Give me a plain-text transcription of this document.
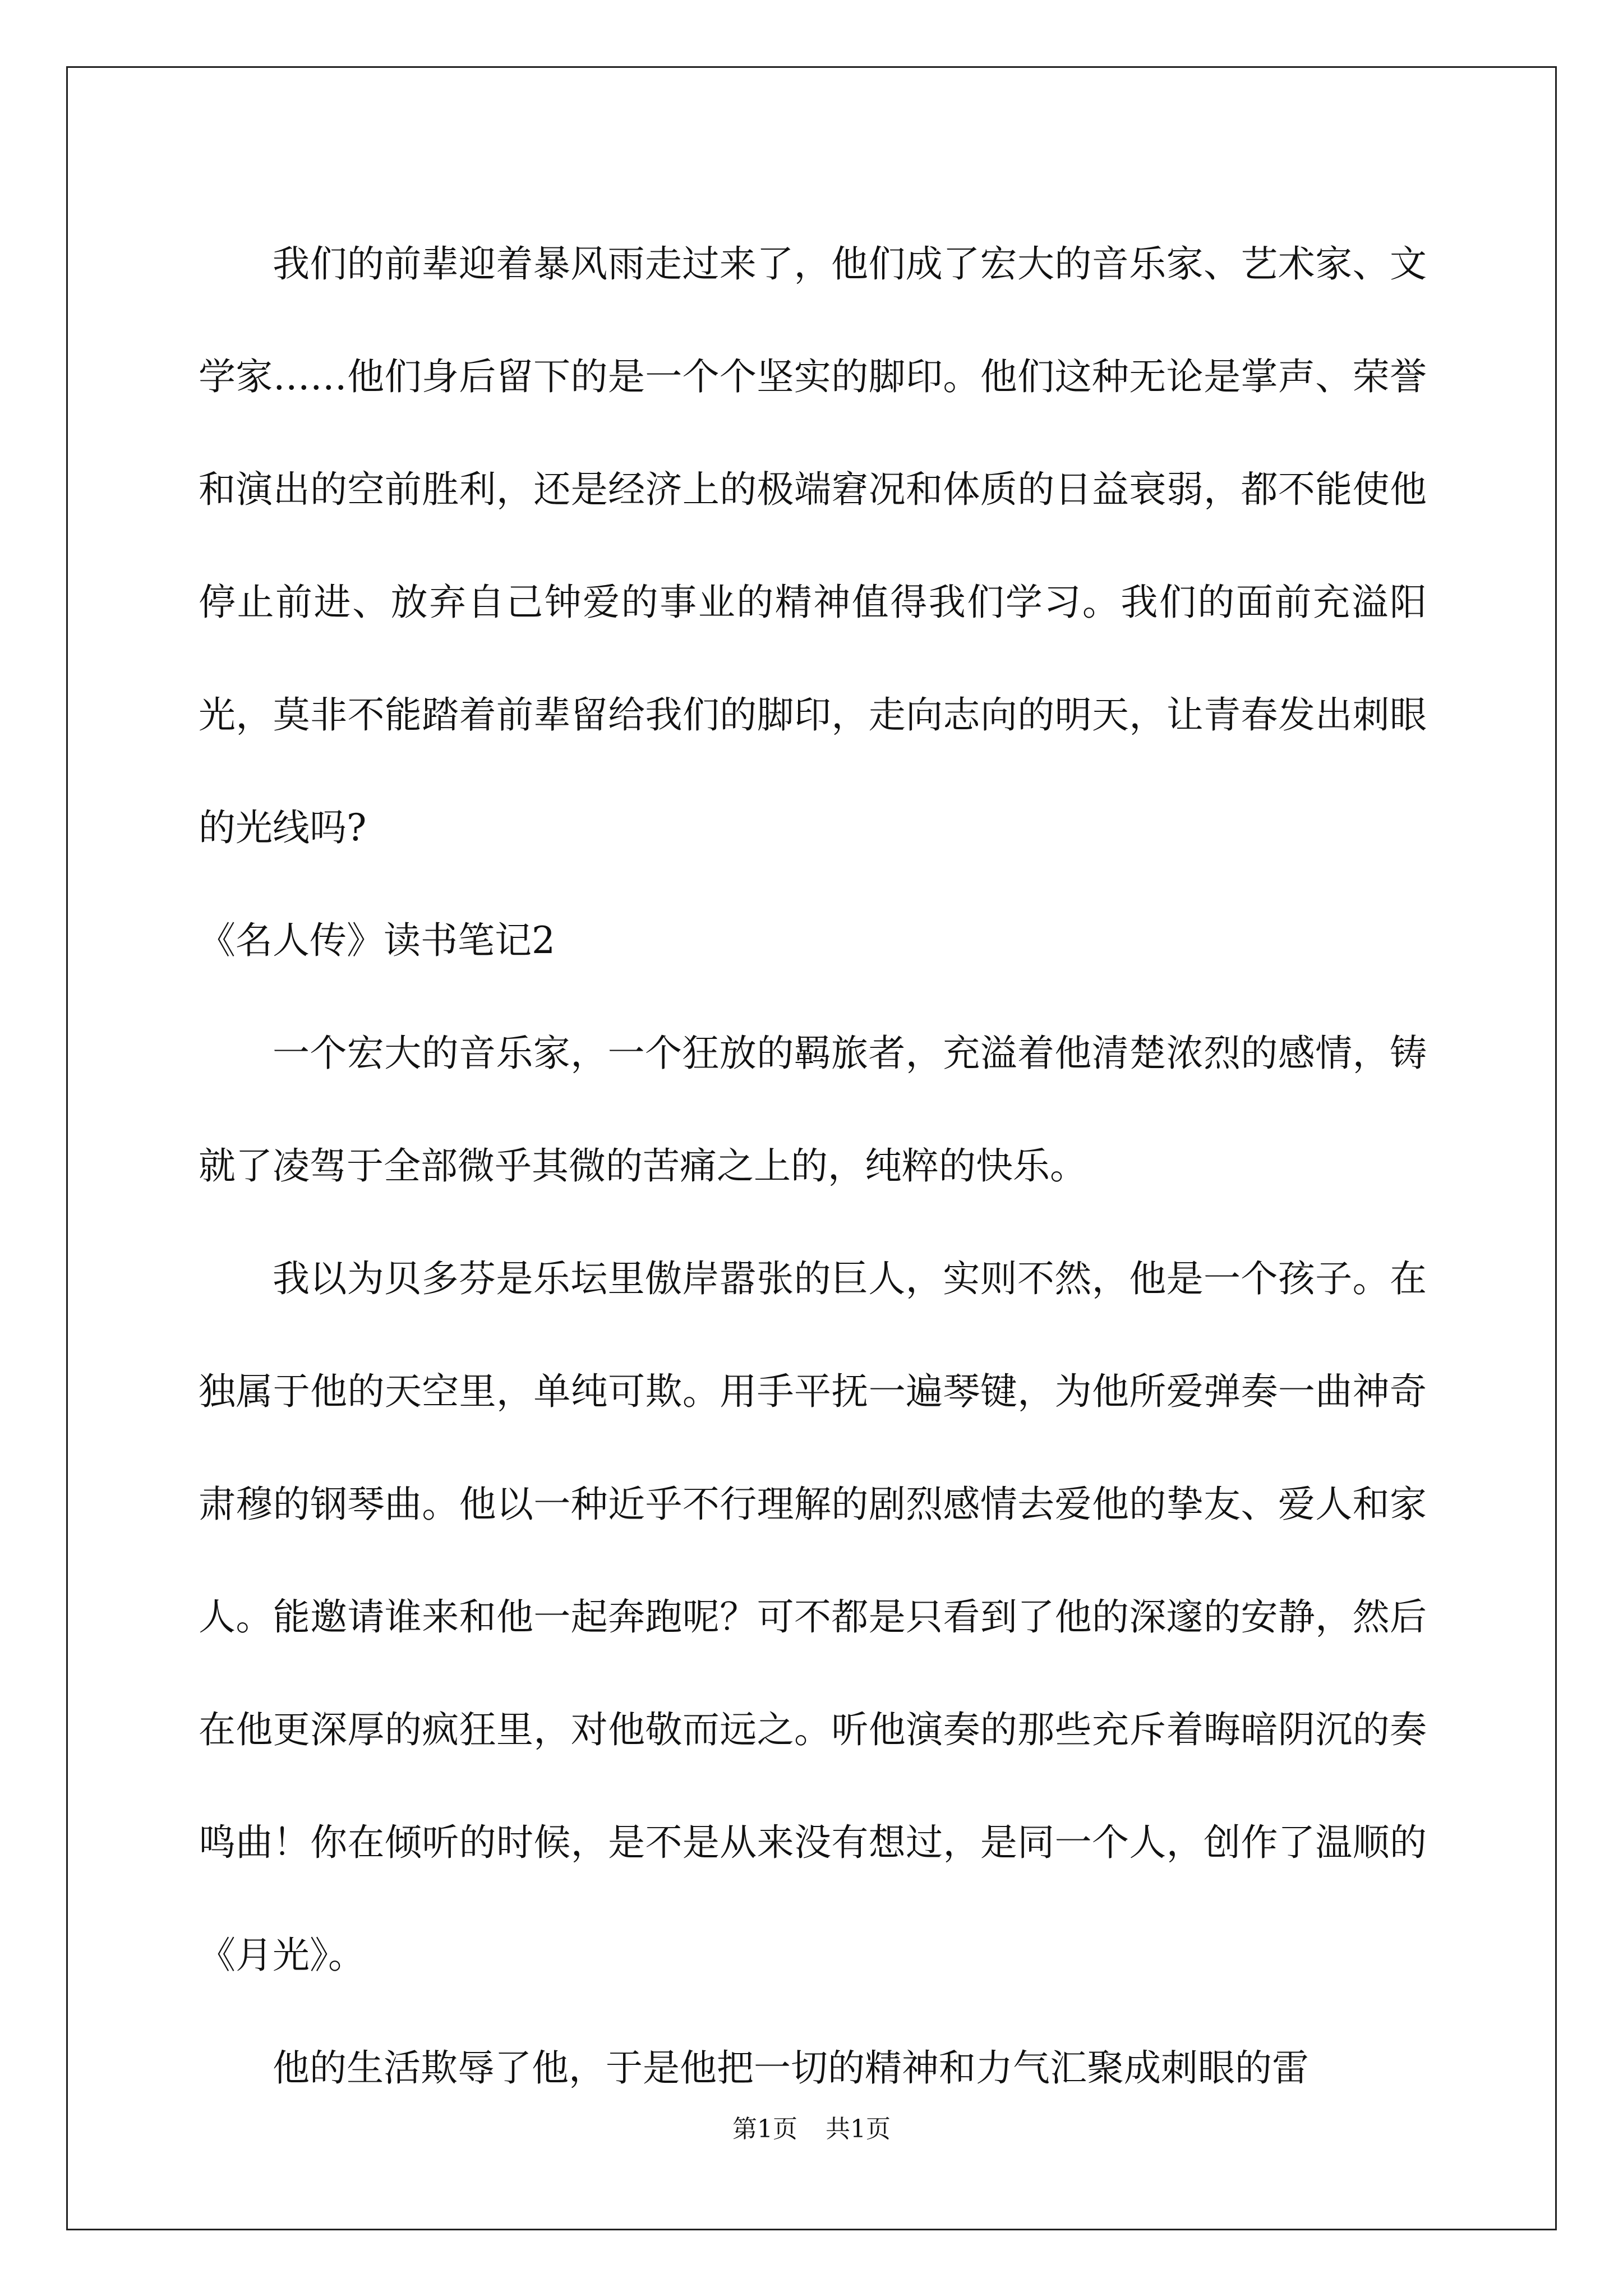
我们的前辈迎着暴风雨走过来了，他们成了宏大的音乐家、艺术家、文学家……他们身后留下的是一个个坚实的脚印。他们这种无论是掌声、荣誉和演出的空前胜利，还是经济上的极端窘况和体质的日益衰弱，都不能使他停止前进、放弃自己钟爱的事业的精神值得我们学习。我们的面前充溢阳光，莫非不能踏着前辈留给我们的脚印，走向志向的明天，让青春发出刺眼的光线吗?

《名人传》读书笔记2

一个宏大的音乐家，一个狂放的羁旅者，充溢着他清楚浓烈的感情，铸就了凌驾于全部微乎其微的苦痛之上的，纯粹的快乐。

我以为贝多芬是乐坛里傲岸嚣张的巨人，实则不然，他是一个孩子。在独属于他的天空里，单纯可欺。用手平抚一遍琴键，为他所爱弹奏一曲神奇肃穆的钢琴曲。他以一种近乎不行理解的剧烈感情去爱他的挚友、爱人和家人。能邀请谁来和他一起奔跑呢？可不都是只看到了他的深邃的安静，然后在他更深厚的疯狂里，对他敬而远之。听他演奏的那些充斥着晦暗阴沉的奏鸣曲！你在倾听的时候，是不是从来没有想过，是同一个人，创作了温顺的《月光》。

他的生活欺辱了他，于是他把一切的精神和力气汇聚成刺眼的雷

第1页 共1页
